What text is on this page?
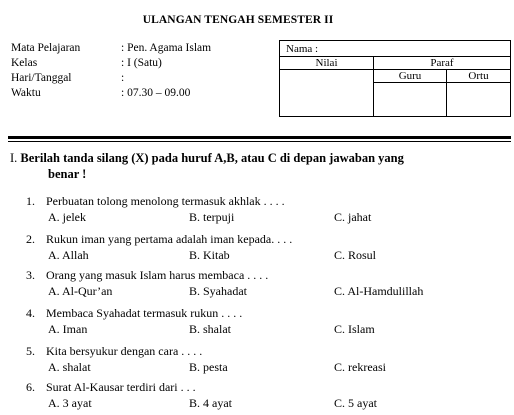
ULANGAN TENGAH SEMESTER II
Mata Pelajaran	: Pen. Agama Islam
Kelas	: I (Satu)
Hari/Tanggal	:
Waktu	: 07.30 – 09.00
Nama :		
Nilai	Paraf	
	Guru	Ortu

I. Berilah tanda silang (X) pada huruf A,B, atau C di depan jawaban yang
benar !
1. Perbuatan tolong menolong termasuk akhlak . . . .
A. jelek	B. terpuji	C. jahat
2. Rukun iman yang pertama adalah iman kepada. . . .
A. Allah	B. Kitab	C. Rosul
3. Orang yang masuk Islam harus membaca . . . .
A. Al-Qur’an	B. Syahadat	C. Al-Hamdulillah
4. Membaca Syahadat termasuk rukun . . . .
A. Iman	B. shalat	C. Islam
5. Kita bersyukur dengan cara . . . .
A. shalat	B. pesta	C. rekreasi
6. Surat Al-Kausar terdiri dari . . .
A. 3 ayat	B. 4 ayat	C. 5 ayat
